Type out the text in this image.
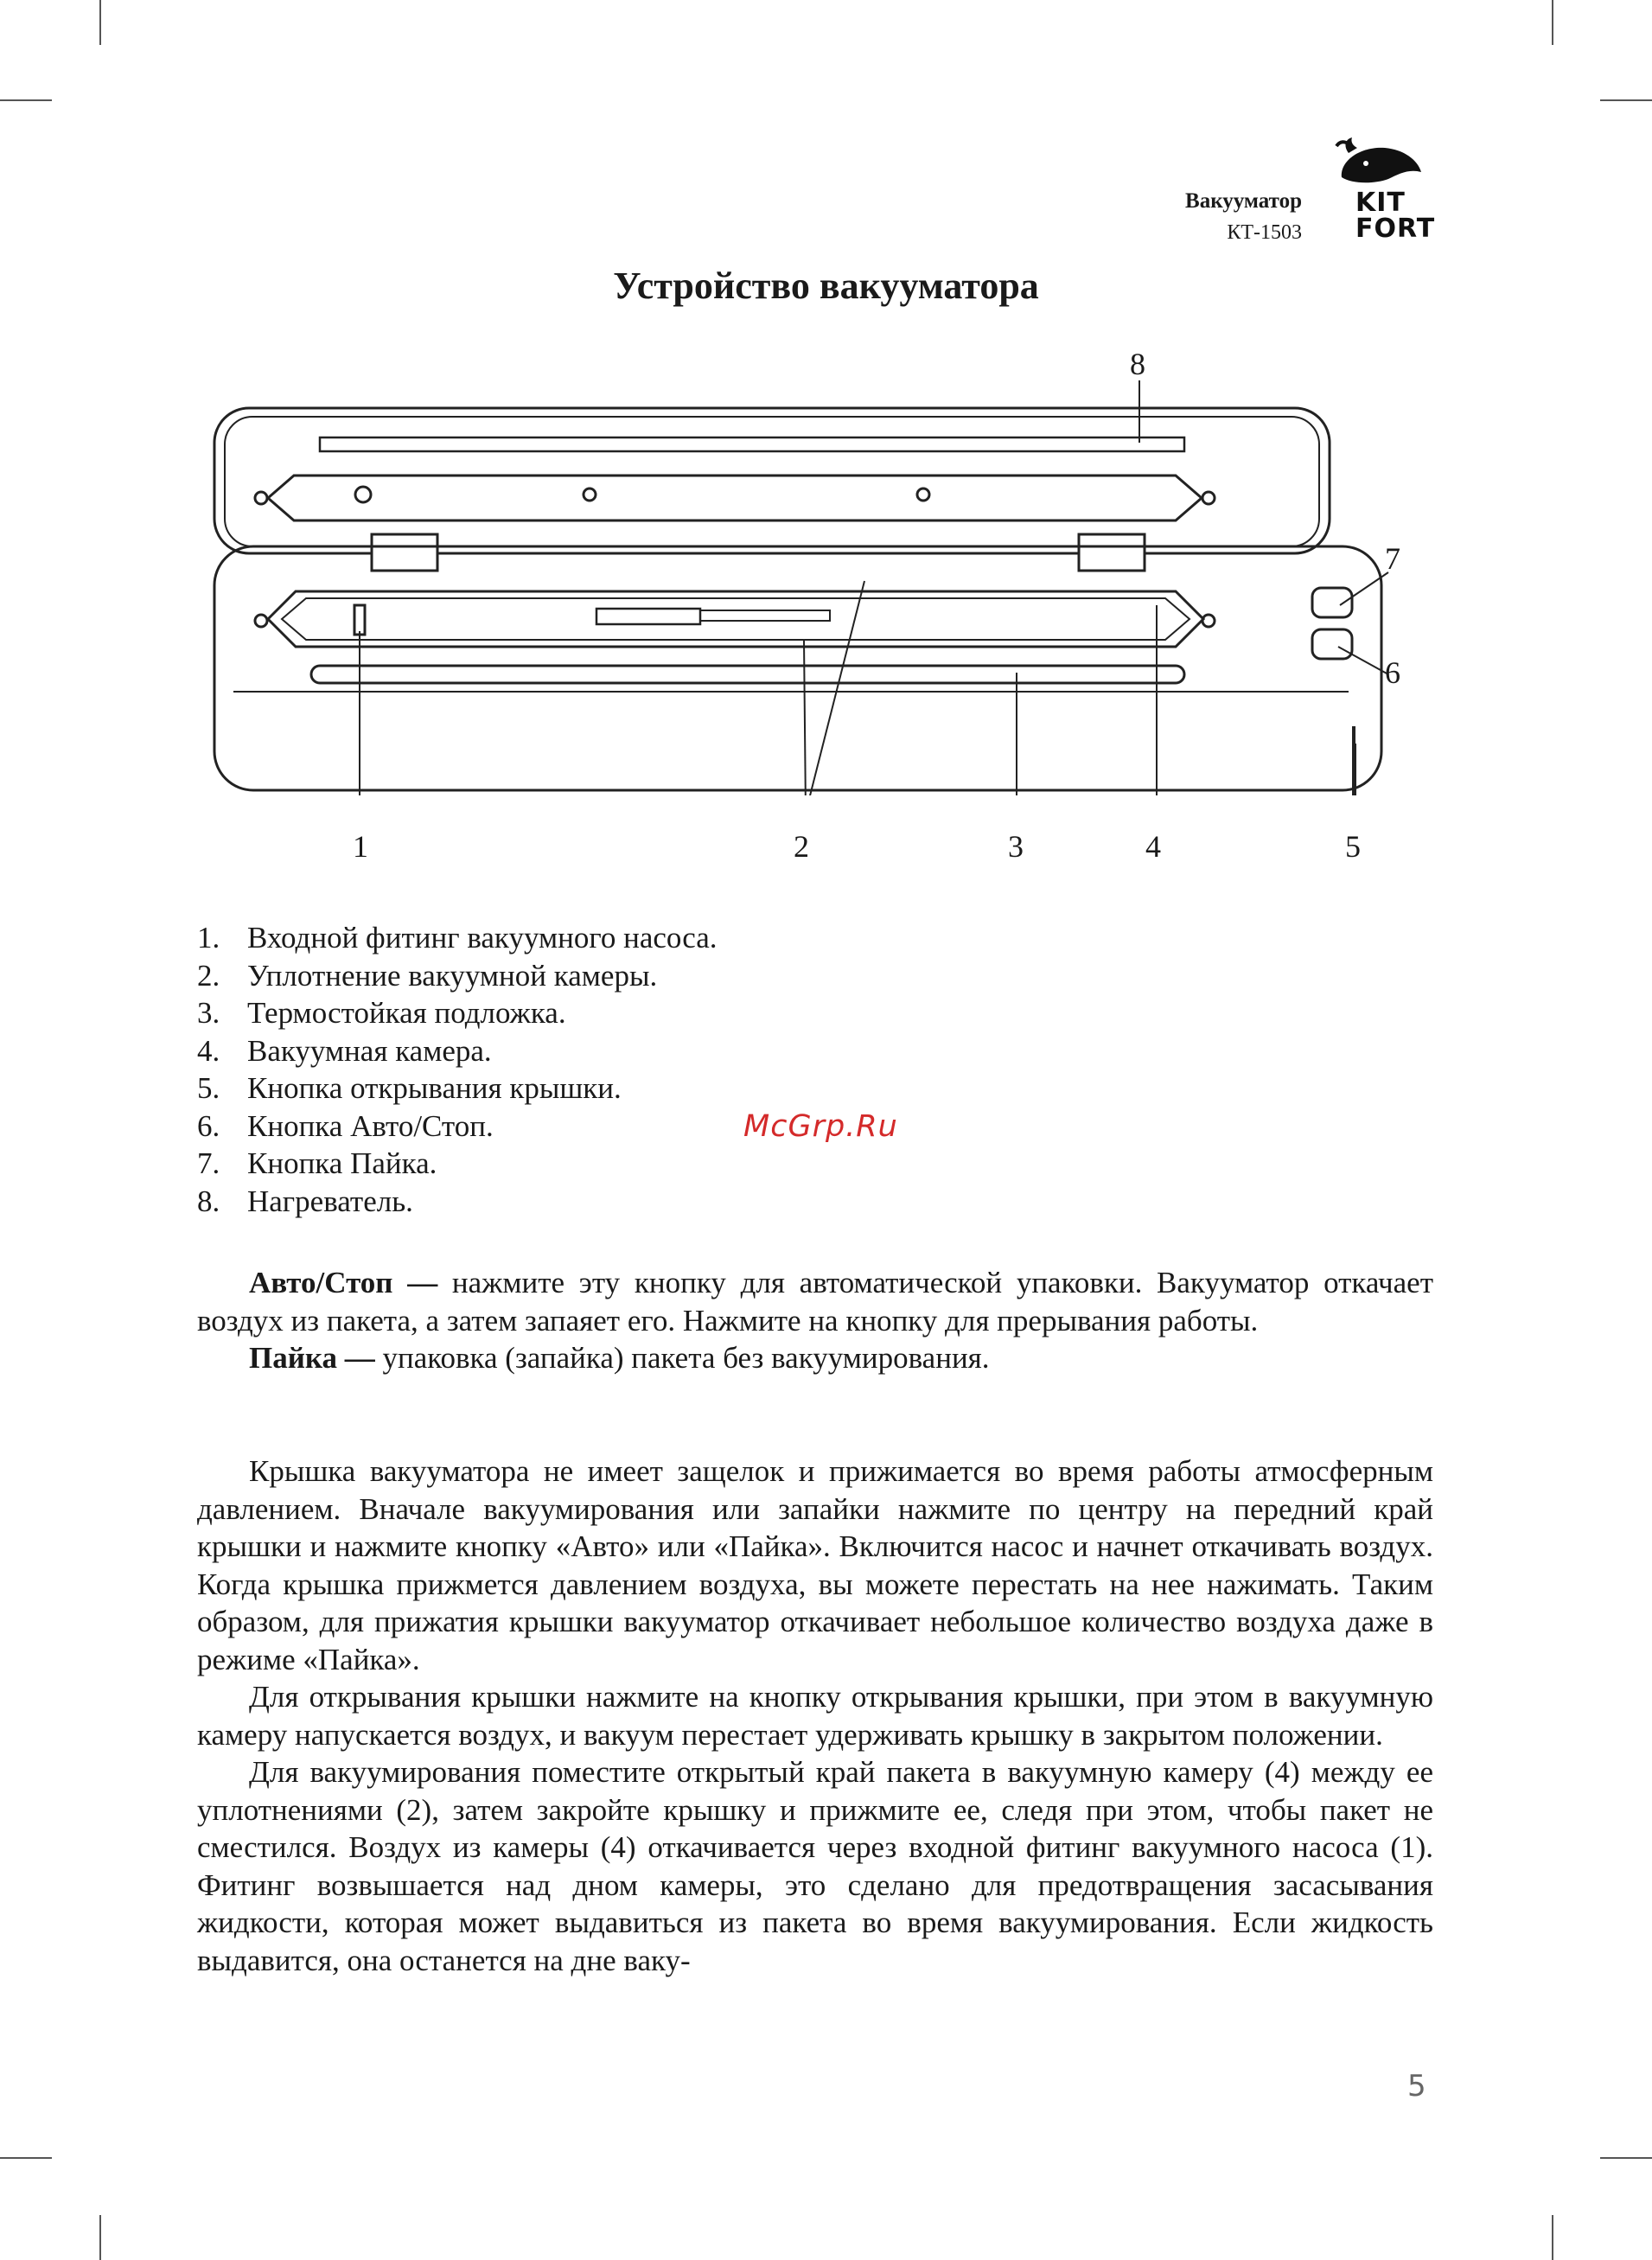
Вакууматор
КТ-1503
KIT
FORT
Устройство вакууматора
1	2	3	4	5
6
7
8
1. Входной фитинг вакуумного насоса.
2. Уплотнение вакуумной камеры.
3. Термостойкая подложка.
4. Вакуумная камера.
5. Кнопка открывания крышки.
6. Кнопка Авто/Стоп.
7. Кнопка Пайка.
8. Нагреватель.
McGrp.Ru

Авто/Стоп — нажмите эту кнопку для автоматической упаковки. Вакууматор откачает воздух из пакета, а затем запаяет его. Нажмите на кнопку для прерывания работы.

Пайка — упаковка (запайка) пакета без вакуумирования.

Крышка вакууматора не имеет защелок и прижимается во время работы атмосферным давлением. Вначале вакуумирования или запайки нажмите по центру на передний край крышки и нажмите кнопку «Авто» или «Пайка». Включится насос и начнет откачивать воздух. Когда крышка прижмется давлением воздуха, вы можете перестать на нее нажимать. Таким образом, для прижатия крышки вакууматор откачивает небольшое количество воздуха даже в режиме «Пайка».

Для открывания крышки нажмите на кнопку открывания крышки, при этом в вакуумную камеру напускается воздух, и вакуум перестает удерживать крышку в закрытом положении.

Для вакуумирования поместите открытый край пакета в вакуумную камеру (4) между ее уплотнениями (2), затем закройте крышку и прижмите ее, следя при этом, чтобы пакет не сместился. Воздух из камеры (4) откачивается через входной фитинг вакуумного насоса (1). Фитинг возвышается над дном камеры, это сделано для предотвращения засасывания жидкости, которая может выдавиться из пакета во время вакуумирования. Если жидкость выдавится, она останется на дне ваку-

5
